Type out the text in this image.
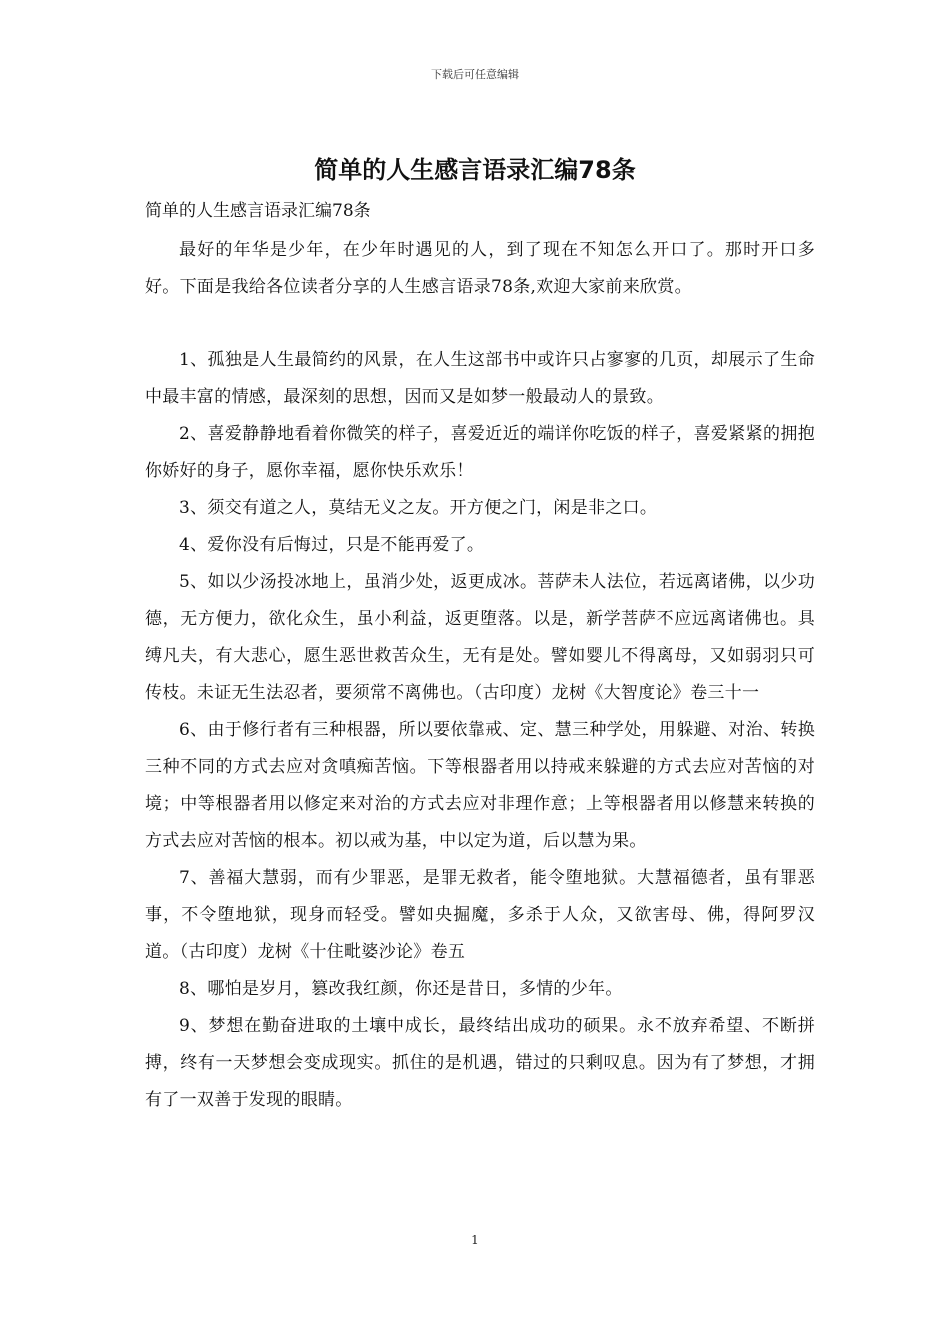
下载后可任意编辑
简单的人生感言语录汇编78条
简单的人生感言语录汇编78条

最好的年华是少年，在少年时遇见的人，到了现在不知怎么开口了。那时开口多好。下面是我给各位读者分享的人生感言语录78条,欢迎大家前来欣赏。

1、孤独是人生最简约的风景，在人生这部书中或许只占寥寥的几页，却展示了生命中最丰富的情感，最深刻的思想，因而又是如梦一般最动人的景致。

2、喜爱静静地看着你微笑的样子，喜爱近近的端详你吃饭的样子，喜爱紧紧的拥抱你娇好的身子，愿你幸福，愿你快乐欢乐！

3、须交有道之人，莫结无义之友。开方便之门，闲是非之口。

4、爱你没有后悔过，只是不能再爱了。

5、如以少汤投冰地上，虽消少处，返更成冰。菩萨未人法位，若远离诸佛，以少功德，无方便力，欲化众生，虽小利益，返更堕落。以是，新学菩萨不应远离诸佛也。具缚凡夫，有大悲心，愿生恶世救苦众生，无有是处。譬如婴儿不得离母，又如弱羽只可传枝。未证无生法忍者，要须常不离佛也。（古印度）龙树《大智度论》卷三十一

6、由于修行者有三种根器，所以要依靠戒、定、慧三种学处，用躲避、对治、转换三种不同的方式去应对贪嗔痴苦恼。下等根器者用以持戒来躲避的方式去应对苦恼的对境；中等根器者用以修定来对治的方式去应对非理作意；上等根器者用以修慧来转换的方式去应对苦恼的根本。初以戒为基，中以定为道，后以慧为果。

7、善福大慧弱，而有少罪恶，是罪无救者，能令堕地狱。大慧福德者，虽有罪恶事，不令堕地狱，现身而轻受。譬如央掘魔，多杀于人众，又欲害母、佛，得阿罗汉道。（古印度）龙树《十住毗婆沙论》卷五

8、哪怕是岁月，篡改我红颜，你还是昔日，多情的少年。

9、梦想在勤奋进取的土壤中成长，最终结出成功的硕果。永不放弃希望、不断拼搏，终有一天梦想会变成现实。抓住的是机遇，错过的只剩叹息。因为有了梦想，才拥有了一双善于发现的眼睛。

1
